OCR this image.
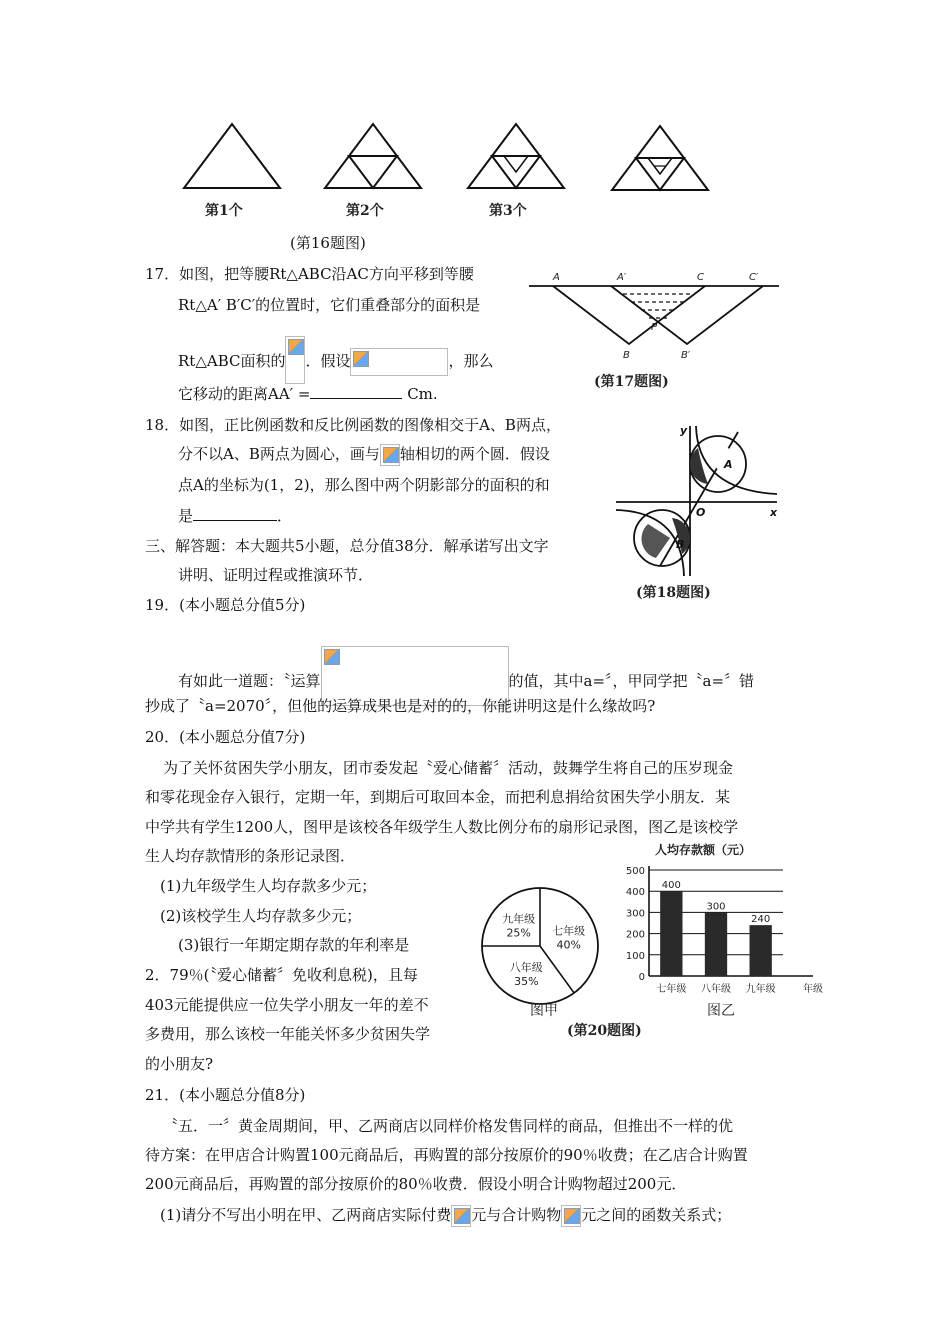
第1个	第2个	第3个
(第16题图)
17．如图，把等腰Rt△ABC沿AC方向平移到等腰
Rt△A′ B′C′的位置时，它们重叠部分的面积是
Rt△ABC面积的 ．假设	，那么
它移动的距离AA′ =	Cm.
A	A′	C	C′
P
B	B′
(第17题图)
18．如图，正比例函数和反比例函数的图像相交于A、B两点，
分不以A、B两点为圆心，画与 轴相切的两个圆．假设
点A的坐标为(1，2)，那么图中两个阴影部分的面积的和
是	．
y
x
O
A
B
(第18题图)
三、解答题：本大题共5小题，总分值38分．解承诺写出文字
讲明、证明过程或推演环节．
19．(本小题总分值5分)
有如此一道题：〝运算	的值，其中a=〞，甲同学把〝a=〞错
抄成了〝a=2070〞，但他的运算成果也是对的的，你能讲明这是什么缘故吗?
20．(本小题总分值7分)
为了关怀贫困失学小朋友，团市委发起〝爱心储蓄〞活动，鼓舞学生将自己的压岁现金
和零花现金存入银行，定期一年，到期后可取回本金，而把利息捐给贫困失学小朋友．某
中学共有学生1200人，图甲是该校各年级学生人数比例分布的扇形记录图，图乙是该校学
生人均存款情形的条形记录图．
(1)九年级学生人均存款多少元；
(2)该校学生人均存款多少元；
(3)银行一年期定期存款的年利率是
2．79％(〝爱心储蓄〞免收利息税)，且每
403元能提供应一位失学小朋友一年的差不
多费用，那么该校一年能关怀多少贫困失学
的小朋友?
九年级
25% 七年级
40%
八年级
35%
图甲
人均存款额（元）
0
100
200
300
400
500
400
七年级
300
八年级
240
九年级	年级
图乙
(第20题图)
21．(本小题总分值8分)
〝五．一〞黄金周期间，甲、乙两商店以同样价格发售同样的商品，但推出不一样的优
待方案：在甲店合计购置100元商品后，再购置的部分按原价的90％收费；在乙店合计购置
200元商品后，再购置的部分按原价的80％收费．假设小明合计购物超过200元．
(1)请分不写出小明在甲、乙两商店实际付费 元与合计购物 元之间的函数关系式；
